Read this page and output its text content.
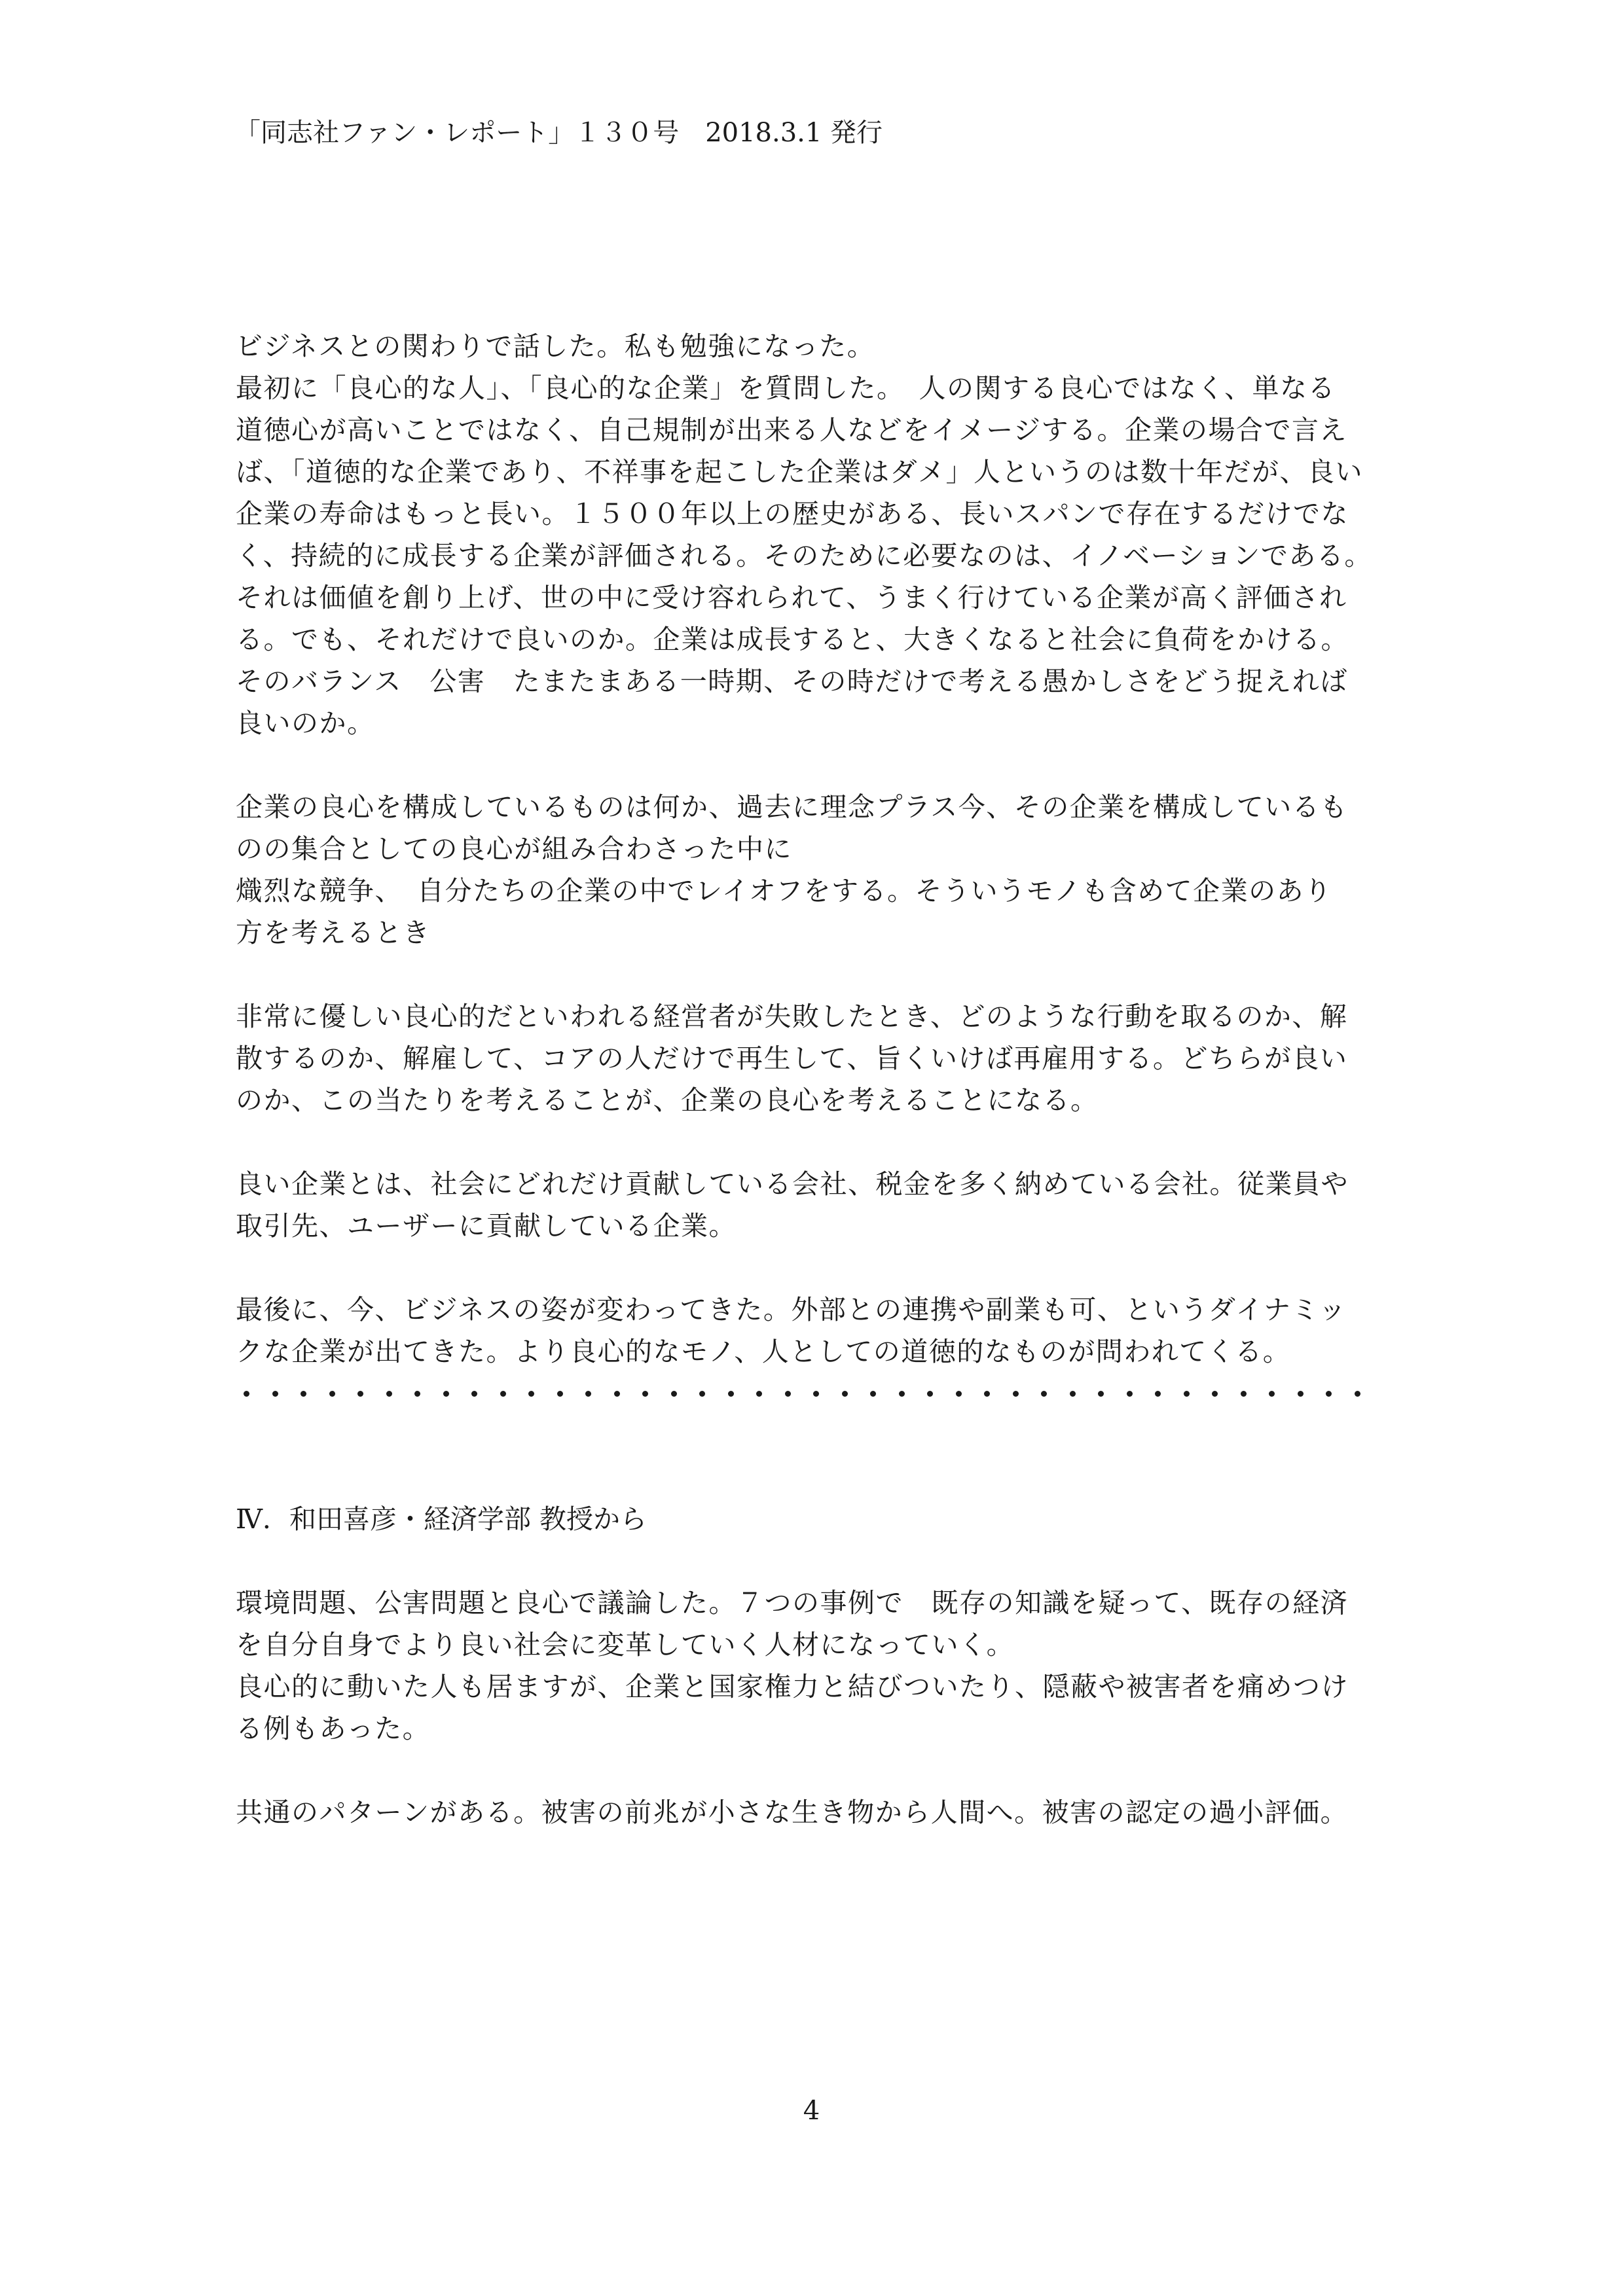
「同志社ファン・レポート」１３０号　2018.3.1 発行
ビジネスとの関わりで話した。私も勉強になった。
最初に「良心的な人」、「良心的な企業」を質問した。　人の関する良心ではなく、単なる
道徳心が高いことではなく、自己規制が出来る人などをイメージする。企業の場合で言え
ば、「道徳的な企業であり、不祥事を起こした企業はダメ」人というのは数十年だが、良い
企業の寿命はもっと長い。１５００年以上の歴史がある、長いスパンで存在するだけでな
く、持続的に成長する企業が評価される。そのために必要なのは、イノベーションである。
それは価値を創り上げ、世の中に受け容れられて、うまく行けている企業が高く評価され
る。でも、それだけで良いのか。企業は成長すると、大きくなると社会に負荷をかける。
そのバランス　公害　たまたまある一時期、その時だけで考える愚かしさをどう捉えれば
良いのか。
企業の良心を構成しているものは何か、過去に理念プラス今、その企業を構成しているも
のの集合としての良心が組み合わさった中に
熾烈な競争、　自分たちの企業の中でレイオフをする。そういうモノも含めて企業のあり
方を考えるとき
非常に優しい良心的だといわれる経営者が失敗したとき、どのような行動を取るのか、解
散するのか、解雇して、コアの人だけで再生して、旨くいけば再雇用する。どちらが良い
のか、この当たりを考えることが、企業の良心を考えることになる。
良い企業とは、社会にどれだけ貢献している会社、税金を多く納めている会社。従業員や
取引先、ユーザーに貢献している企業。
最後に、今、ビジネスの姿が変わってきた。外部との連携や副業も可、というダイナミッ
クな企業が出てきた。より良心的なモノ、人としての道徳的なものが問われてくる。
Ⅳ．和田喜彦・経済学部 教授から
環境問題、公害問題と良心で議論した。７つの事例で　既存の知識を疑って、既存の経済
を自分自身でより良い社会に変革していく人材になっていく。
良心的に動いた人も居ますが、企業と国家権力と結びついたり、隠蔽や被害者を痛めつけ
る例もあった。
共通のパターンがある。被害の前兆が小さな生き物から人間へ。被害の認定の過小評価。
4
